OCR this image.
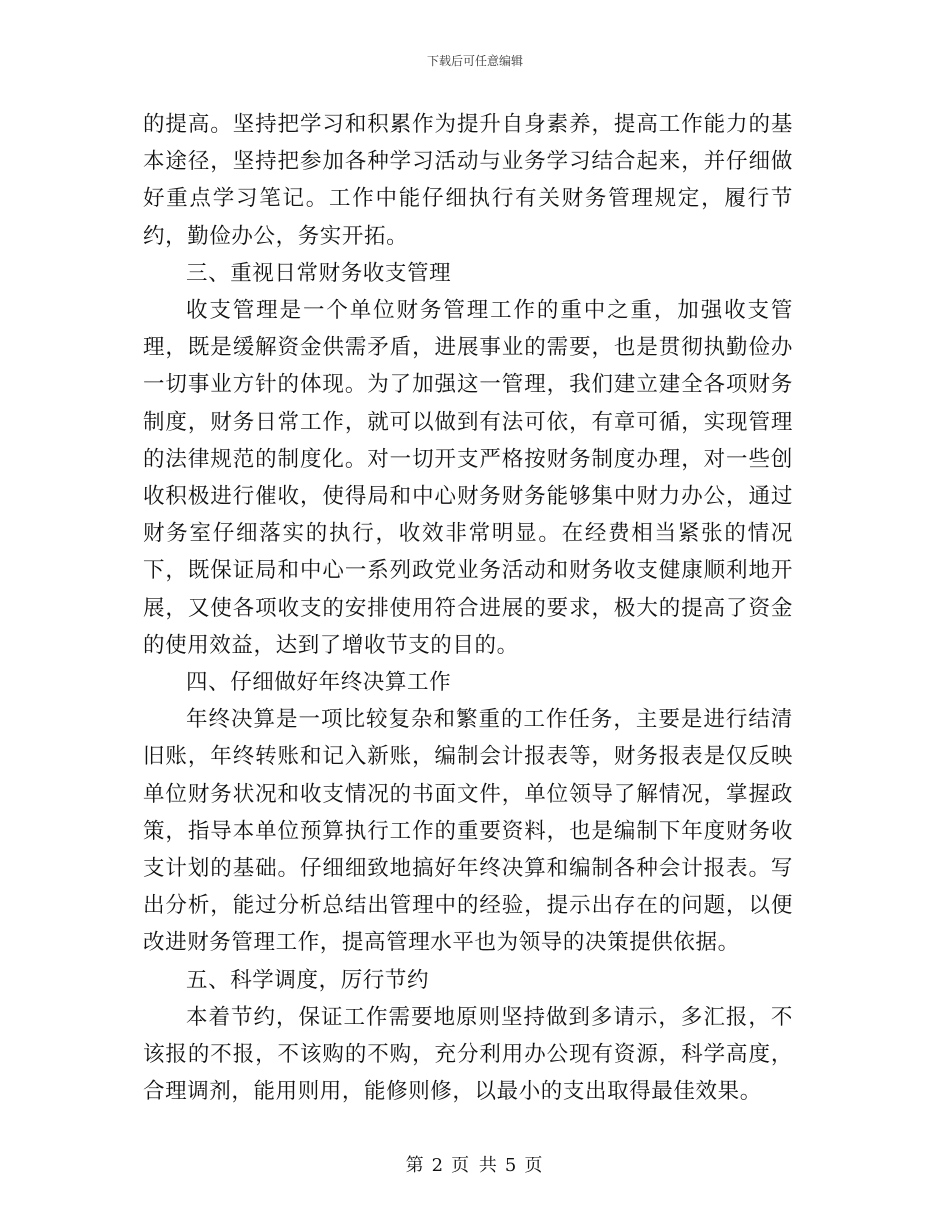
下载后可任意编辑

的提高。坚持把学习和积累作为提升自身素养，提高工作能力的基本途径，坚持把参加各种学习活动与业务学习结合起来，并仔细做好重点学习笔记。工作中能仔细执行有关财务管理规定，履行节约，勤俭办公，务实开拓。

三、重视日常财务收支管理

收支管理是一个单位财务管理工作的重中之重，加强收支管理，既是缓解资金供需矛盾，进展事业的需要，也是贯彻执勤俭办一切事业方针的体现。为了加强这一管理，我们建立建全各项财务制度，财务日常工作，就可以做到有法可依，有章可循，实现管理的法律规范的制度化。对一切开支严格按财务制度办理，对一些创收积极进行催收，使得局和中心财务财务能够集中财力办公，通过财务室仔细落实的执行，收效非常明显。在经费相当紧张的情况下，既保证局和中心一系列政党业务活动和财务收支健康顺利地开展，又使各项收支的安排使用符合进展的要求，极大的提高了资金的使用效益，达到了增收节支的目的。

四、仔细做好年终决算工作

年终决算是一项比较复杂和繁重的工作任务，主要是进行结清旧账，年终转账和记入新账，编制会计报表等，财务报表是仅反映单位财务状况和收支情况的书面文件，单位领导了解情况，掌握政策，指导本单位预算执行工作的重要资料，也是编制下年度财务收支计划的基础。仔细细致地搞好年终决算和编制各种会计报表。写出分析，能过分析总结出管理中的经验，提示出存在的问题，以便改进财务管理工作，提高管理水平也为领导的决策提供依据。

五、科学调度，厉行节约

本着节约，保证工作需要地原则坚持做到多请示，多汇报，不该报的不报，不该购的不购，充分利用办公现有资源，科学高度，合理调剂，能用则用，能修则修，以最小的支出取得最佳效果。

第 2 页 共 5 页
